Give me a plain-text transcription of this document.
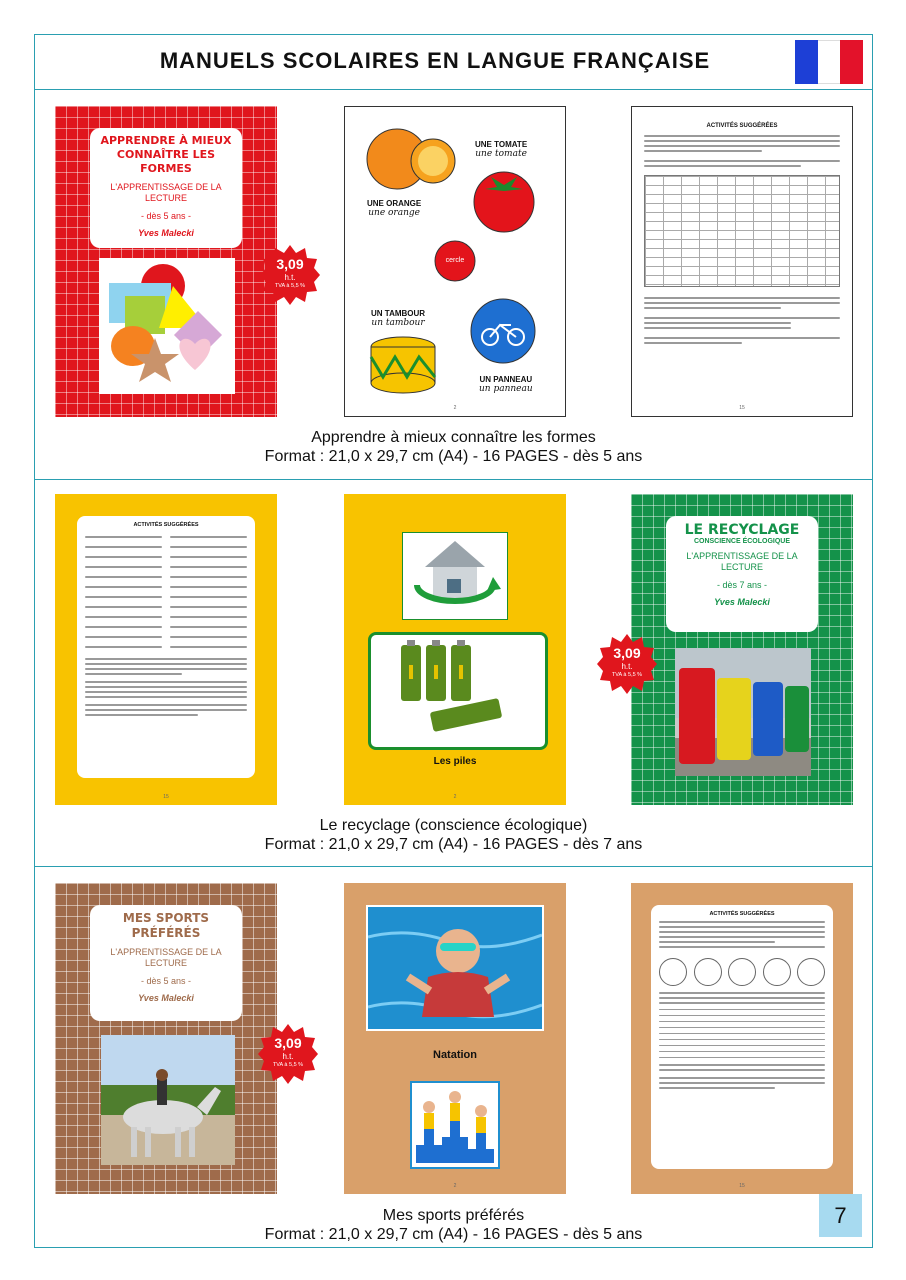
MANUELS SCOLAIRES EN LANGUE FRANÇAISE
Apprendre à mieux connaître les formes
Format : 21,0 x 29,7 cm (A4) - 16 PAGES - dès 5 ans
Le recyclage (conscience écologique)
Format : 21,0 x 29,7 cm (A4) - 16 PAGES - dès 7 ans
Mes sports préférés
Format : 21,0 x 29,7 cm (A4) - 16 PAGES - dès 5 ans
APPRENDRE À MIEUX CONNAÎTRE LES FORMES
L'APPRENTISSAGE DE LA LECTURE
- dès 5 ans -
Yves Malecki
3,09
h.t.
TVA à 5,5 %
UNE TOMATE
une tomate
UNE ORANGE
une orange
cercle
UN TAMBOUR
un tambour
UN PANNEAU
un panneau
2
ACTIVITÉS SUGGÉRÉES
15
ACTIVITÉS SUGGÉRÉES
15
Les piles
2
LE RECYCLAGE
CONSCIENCE ÉCOLOGIQUE
L'APPRENTISSAGE DE LA LECTURE
- dès 7 ans -
Yves Malecki
3,09
h.t.
TVA à 5,5 %
MES SPORTS PRÉFÉRÉS
L'APPRENTISSAGE DE LA LECTURE
- dès 5 ans -
Yves Malecki
3,09
h.t.
TVA à 5,5 %
Natation
2
ACTIVITÉS SUGGÉRÉES
15
7
